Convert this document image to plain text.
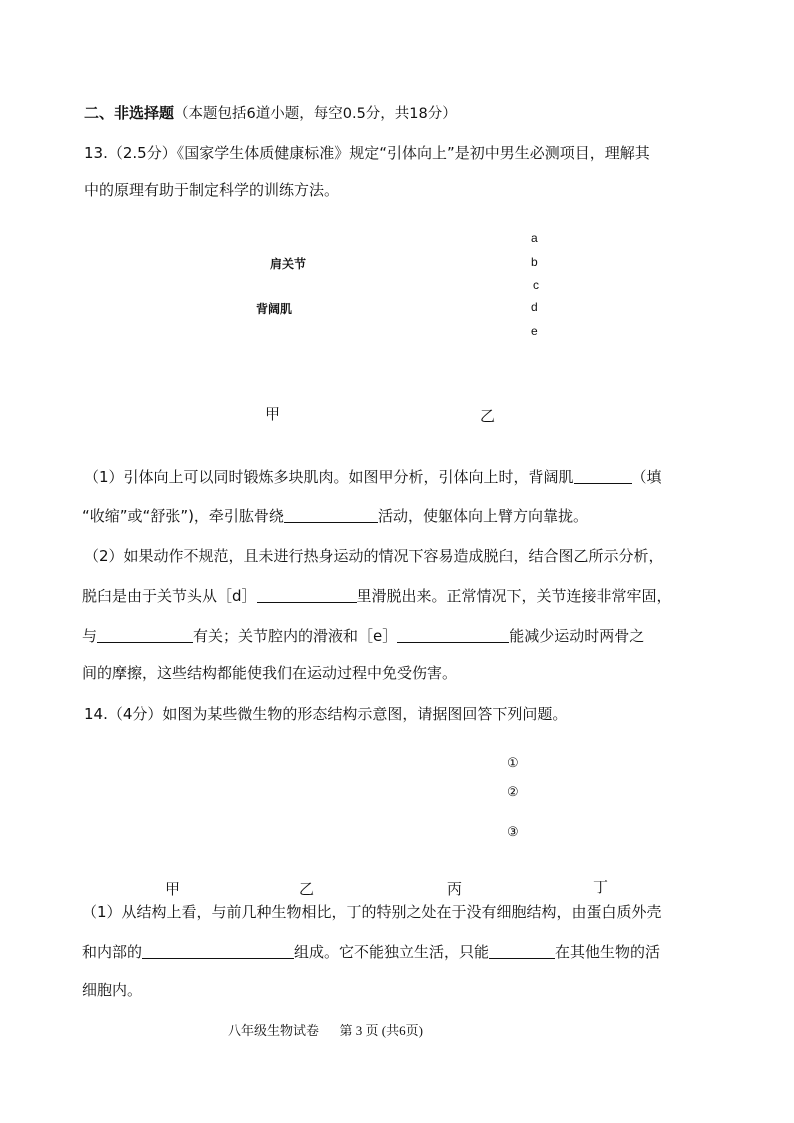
二、非选择题（本题包括6道小题，每空0.5分，共18分）
13.（2.5分）《国家学生体质健康标准》规定“引体向上”是初中男生必测项目，理解其
中的原理有助于制定科学的训练方法。
肩关节
背阔肌
甲
a
b
c
d
e
乙
（1）引体向上可以同时锻炼多块肌肉。如图甲分析，引体向上时，背阔肌	（填
“收缩”或“舒张”)，牵引肱骨绕	活动，使躯体向上臂方向靠拢。
（2）如果动作不规范，且未进行热身运动的情况下容易造成脱臼，结合图乙所示分析，
脱臼是由于关节头从［d］	里滑脱出来。正常情况下，关节连接非常牢固，
与	有关；关节腔内的滑液和［e］	能减少运动时两骨之
间的摩擦，这些结构都能使我们在运动过程中免受伤害。
14.（4分）如图为某些微生物的形态结构示意图，请据图回答下列问题。
①
②
③
甲	乙	丙	丁
（1）从结构上看，与前几种生物相比，丁的特别之处在于没有细胞结构，由蛋白质外壳
和内部的	组成。它不能独立生活，只能	在其他生物的活
细胞内。
八年级生物试卷 第 3 页 (共6页)
